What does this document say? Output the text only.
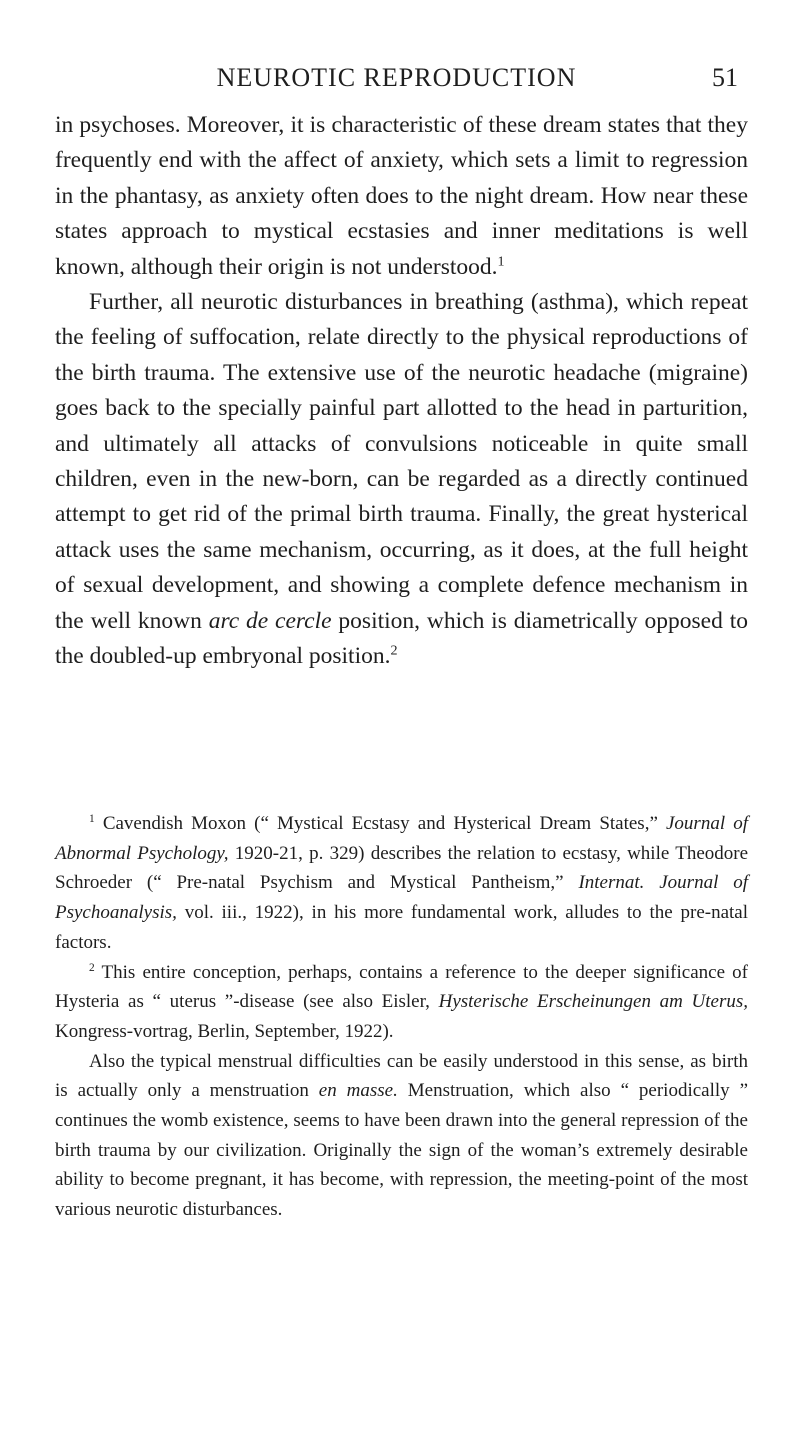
NEUROTIC REPRODUCTION	51

in psychoses. Moreover, it is characteristic of these dream states that they frequently end with the affect of anxiety, which sets a limit to regression in the phantasy, as anxiety often does to the night dream. How near these states approach to mystical ecstasies and inner meditations is well known, although their origin is not understood.$^1$

Further, all neurotic disturbances in breathing (asthma), which repeat the feeling of suffocation, relate directly to the physical reproductions of the birth trauma. The extensive use of the neurotic headache (migraine) goes back to the specially painful part allotted to the head in parturition, and ultimately all attacks of convulsions noticeable in quite small children, even in the new-born, can be regarded as a directly continued attempt to get rid of the primal birth trauma. Finally, the great hysterical attack uses the same mechanism, occurring, as it does, at the full height of sexual development, and showing a complete defence mechanism in the well known arc de cercle position, which is diametrically opposed to the doubled-up embryonal position.$^2$

$^1$ Cavendish Moxon (“ Mystical Ecstasy and Hysterical Dream States,” Journal of Abnormal Psychology, 1920-21, p. 329) describes the relation to ecstasy, while Theodore Schroeder (“ Pre-natal Psychism and Mystical Pantheism,” Internat. Journal of Psychoanalysis, vol. iii., 1922), in his more fundamental work, alludes to the pre-natal factors.

$^2$ This entire conception, perhaps, contains a reference to the deeper significance of Hysteria as “ uterus ”-disease (see also Eisler, Hysterische Erscheinungen am Uterus, Kongress-vortrag, Berlin, September, 1922).

Also the typical menstrual difficulties can be easily understood in this sense, as birth is actually only a menstruation en masse. Menstruation, which also “ periodically ” continues the womb existence, seems to have been drawn into the general repression of the birth trauma by our civilization. Originally the sign of the woman’s extremely desirable ability to become pregnant, it has become, with repression, the meeting-point of the most various neurotic disturbances.
